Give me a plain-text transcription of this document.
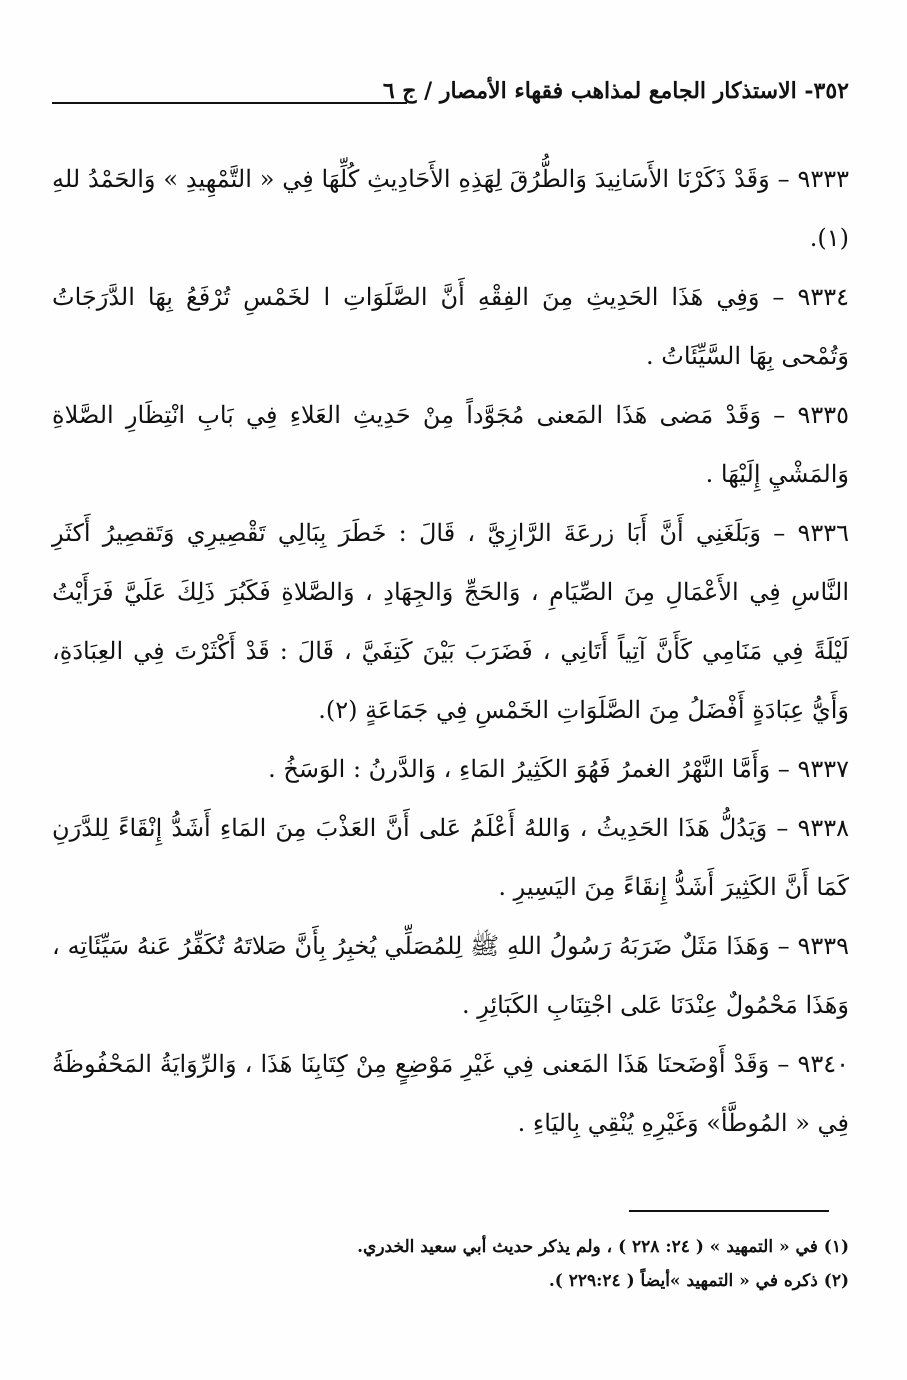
٣٥٢- الاستذكار الجامع لمذاهب فقهاء الأمصار / ج ٦

٩٣٣٣ – وَقَدْ ذَكَرْنَا الأَسَانِيدَ وَالطُّرُقَ لِهَذِهِ الأَحَادِيثِ كُلِّهَا فِي « التَّمْهِيدِ » وَالحَمْدُ للهِ (١).

٩٣٣٤ – وَفِي هَذَا الحَدِيثِ مِنَ الفِقْهِ أَنَّ الصَّلَوَاتِ ا لخَمْسِ تُرْفَعُ بِهَا الدَّرَجَاتُ وَتُمْحى بِهَا السَّيِّئَاتُ .

٩٣٣٥ – وَقَدْ مَضى هَذَا المَعنى مُجَوَّداً مِنْ حَدِيثِ العَلاءِ فِي بَابِ انْتِظَارِ الصَّلاةِ وَالمَشْيِ إِلَيْهَا .

٩٣٣٦ – وَبَلَغَنِي أَنَّ أَبَا زرعَةَ الرَّازِيَّ ، قَالَ : خَطَرَ بِبَالِي تَقْصِيرِي وَتَقصِيرُ أَكثَرِ النَّاسِ فِي الأَعْمَالِ مِنَ الصِّيَامِ ، وَالحَجِّ وَالجِهَادِ ، وَالصَّلاةِ فَكَبُرَ ذَلِكَ عَلَيَّ فَرَأَيْتُ لَيْلَةً فِي مَنَامِي كَأَنَّ آتِياً أَتَانِي ، فَضَرَبَ بَيْنَ كَتِفَيَّ ، قَالَ : قَدْ أَكْثَرْتَ فِي العِبَادَةِ، وَأَيُّ عِبَادَةٍ أَفْضَلُ مِنَ الصَّلَوَاتِ الخَمْسِ فِي جَمَاعَةٍ (٢).

٩٣٣٧ – وَأَمَّا النَّهْرُ الغمرُ فَهُوَ الكَثِيرُ المَاءِ ، وَالدَّرنُ : الوَسَخُ .

٩٣٣٨ – وَيَدُلُّ هَذَا الحَدِيثُ ، وَاللهُ أَعْلَمُ عَلى أَنَّ العَذْبَ مِنَ المَاءِ أَشَدُّ إِنْقَاءً لِلدَّرَنِ كَمَا أَنَّ الكَثِيرَ أَشَدُّ إِنقَاءً مِنَ اليَسِيرِ .

٩٣٣٩ – وَهَذَا مَثَلٌ ضَرَبَهُ رَسُولُ اللهِ ﷺ لِلمُصَلِّي يُخبِرُ بِأَنَّ صَلاتَهُ تُكَفِّرُ عَنهُ سَيِّئَاتِه ، وَهَذَا مَحْمُولٌ عِنْدَنَا عَلى اجْتِنَابِ الكَبَائِرِ .

٩٣٤٠ – وَقَدْ أَوْضَحنَا هَذَا المَعنى فِي غَيْرِ مَوْضِعٍ مِنْ كِتَابِنَا هَذَا ، وَالرِّوَايَةُ المَحْفُوظَةُ فِي « المُوطَّأ» وَغَيْرِهِ يُنْقِي بِاليَاءِ .

(١) في « التمهيد » ( ٢٤: ٢٢٨ ) ، ولم يذكر حديث أبي سعيد الخدري.

(٢) ذكره في « التمهيد »أيضاً ( ٢٢٩:٢٤ ).
